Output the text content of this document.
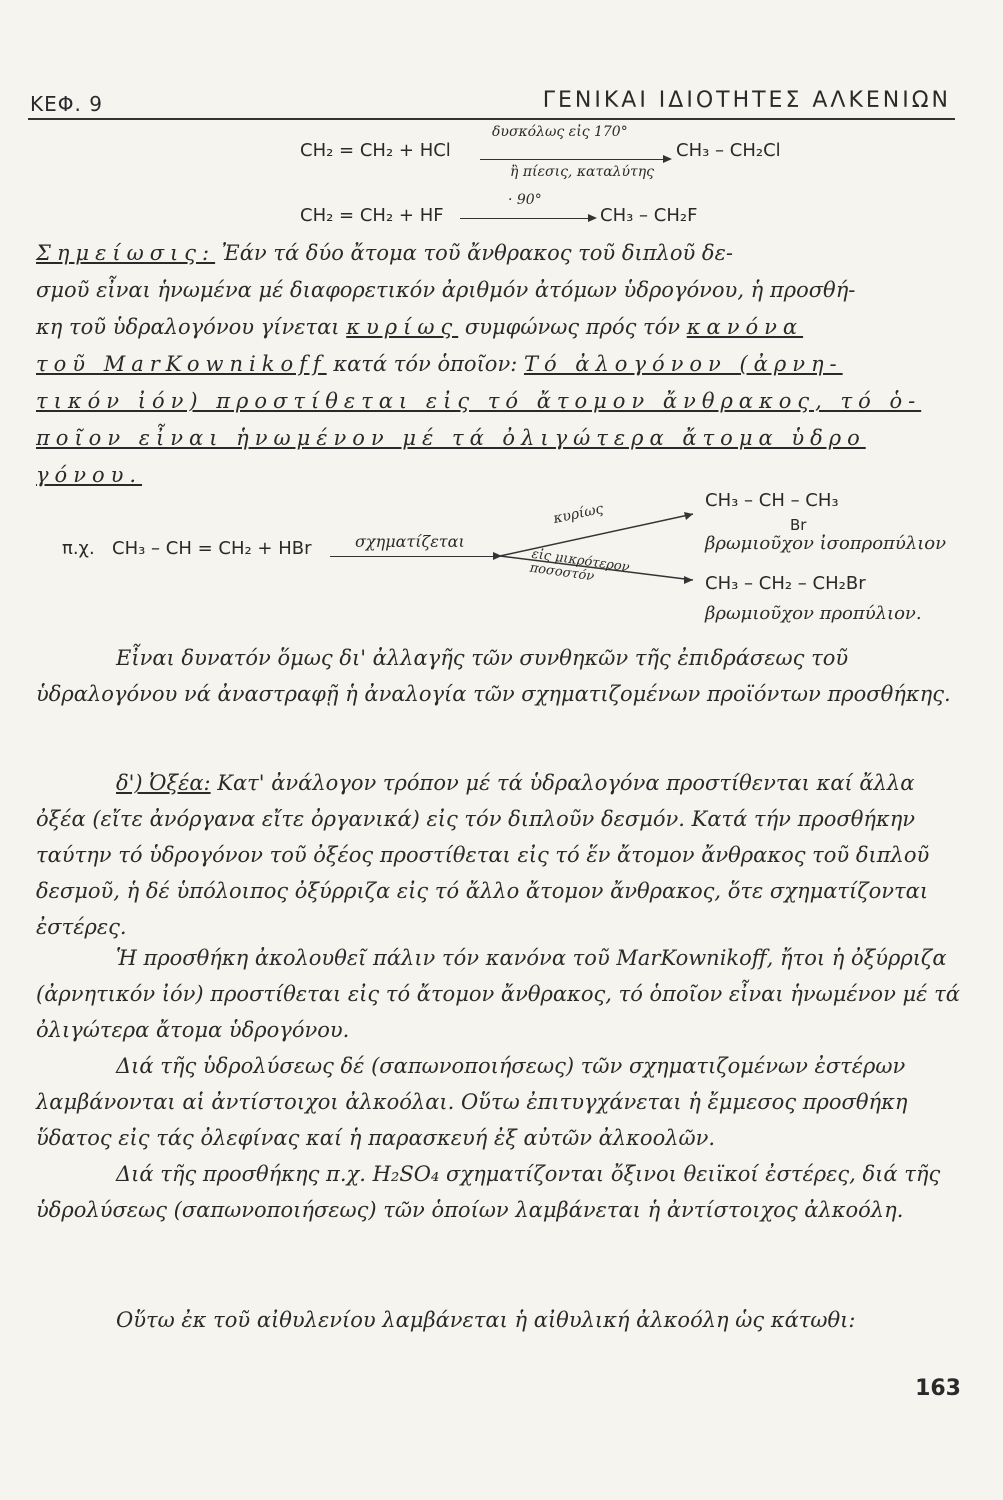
ΚΕΦ. 9	ΓΕΝΙΚΑΙ ΙΔΙΟΤΗΤΕΣ ΑΛΚΕΝΙΩΝ
CH₂ = CH₂ + HCl
δυσκόλως εἰς 170°
ἢ πίεσις, καταλύτης
CH₃ – CH₂Cl
CH₂ = CH₂ + HF
· 90°
CH₃ – CH₂F
Σημείωσις: Ἐάν τά δύο ἄτομα τοῦ ἄνθρακος τοῦ διπλοῦ δε-
σμοῦ εἶναι ἡνωμένα μέ διαφορετικόν ἀριθμόν ἀτόμων ὑδρογόνου, ἡ προσθή-
κη τοῦ ὑδραλογόνου γίνεται κυρίως συμφώνως πρός τόν κανόνα
τοῦ MarKownikoff κατά τόν ὁποῖον: Τό ἀλογόνον (ἀρνη-
τικόν ἰόν) προστίθεται εἰς τό ἄτομον ἄνθρακος, τό ὁ-
ποῖον εἶναι ἡνωμένον μέ τά ὀλιγώτερα ἄτομα ὑδρο
γόνου.
π.χ. CH₃ – CH = CH₂ + HBr	σχηματίζεται
κυρίως
εἰς μικρότερον ποσοστόν
CH₃ – CH – CH₃
Br
βρωμιοῦχον ἰσοπροπύλιον
CH₃ – CH₂ – CH₂Br
βρωμιοῦχον προπύλιον.

Εἶναι δυνατόν ὅμως δι' ἀλλαγῆς τῶν συνθηκῶν τῆς ἐπιδράσεως τοῦ ὑδραλογόνου νά ἀναστραφῇ ἡ ἀναλογία τῶν σχηματιζομένων προϊόντων προσθήκης.

δ') Ὀξέα: Κατ' ἀνάλογον τρόπον μέ τά ὑδραλογόνα προστίθενται καί ἄλλα ὀξέα (εἴτε ἀνόργανα εἴτε ὀργανικά) εἰς τόν διπλοῦν δεσμόν. Κατά τήν προσθήκην ταύτην τό ὑδρογόνον τοῦ ὀξέος προστίθεται εἰς τό ἕν ἄτομον ἄνθρακος τοῦ διπλοῦ δεσμοῦ, ἡ δέ ὑπόλοιπος ὀξύρριζα εἰς τό ἄλλο ἄτομον ἄνθρακος, ὅτε σχηματίζονται ἐστέρες.

Ἡ προσθήκη ἀκολουθεῖ πάλιν τόν κανόνα τοῦ MarKownikoff, ἤτοι ἡ ὀξύρριζα (ἀρνητικόν ἰόν) προστίθεται εἰς τό ἄτομον ἄνθρακος, τό ὁποῖον εἶναι ἡνωμένον μέ τά ὀλιγώτερα ἄτομα ὑδρογόνου.

Διά τῆς ὑδρολύσεως δέ (σαπωνοποιήσεως) τῶν σχηματιζομένων ἐστέρων λαμβάνονται αἱ ἀντίστοιχοι ἀλκοόλαι. Οὕτω ἐπιτυγχάνεται ἡ ἔμμεσος προσθήκη ὕδατος εἰς τάς ὀλεφίνας καί ἡ παρασκευή ἐξ αὐτῶν ἀλκοολῶν.

Διά τῆς προσθήκης π.χ. H₂SO₄ σχηματίζονται ὄξινοι θειϊκοί ἐστέρες, διά τῆς ὑδρολύσεως (σαπωνοποιήσεως) τῶν ὁποίων λαμβάνεται ἡ ἀντίστοιχος ἀλκοόλη.

Οὕτω ἐκ τοῦ αἰθυλενίου λαμβάνεται ἡ αἰθυλική ἀλκοόλη ὡς κάτωθι:

163
